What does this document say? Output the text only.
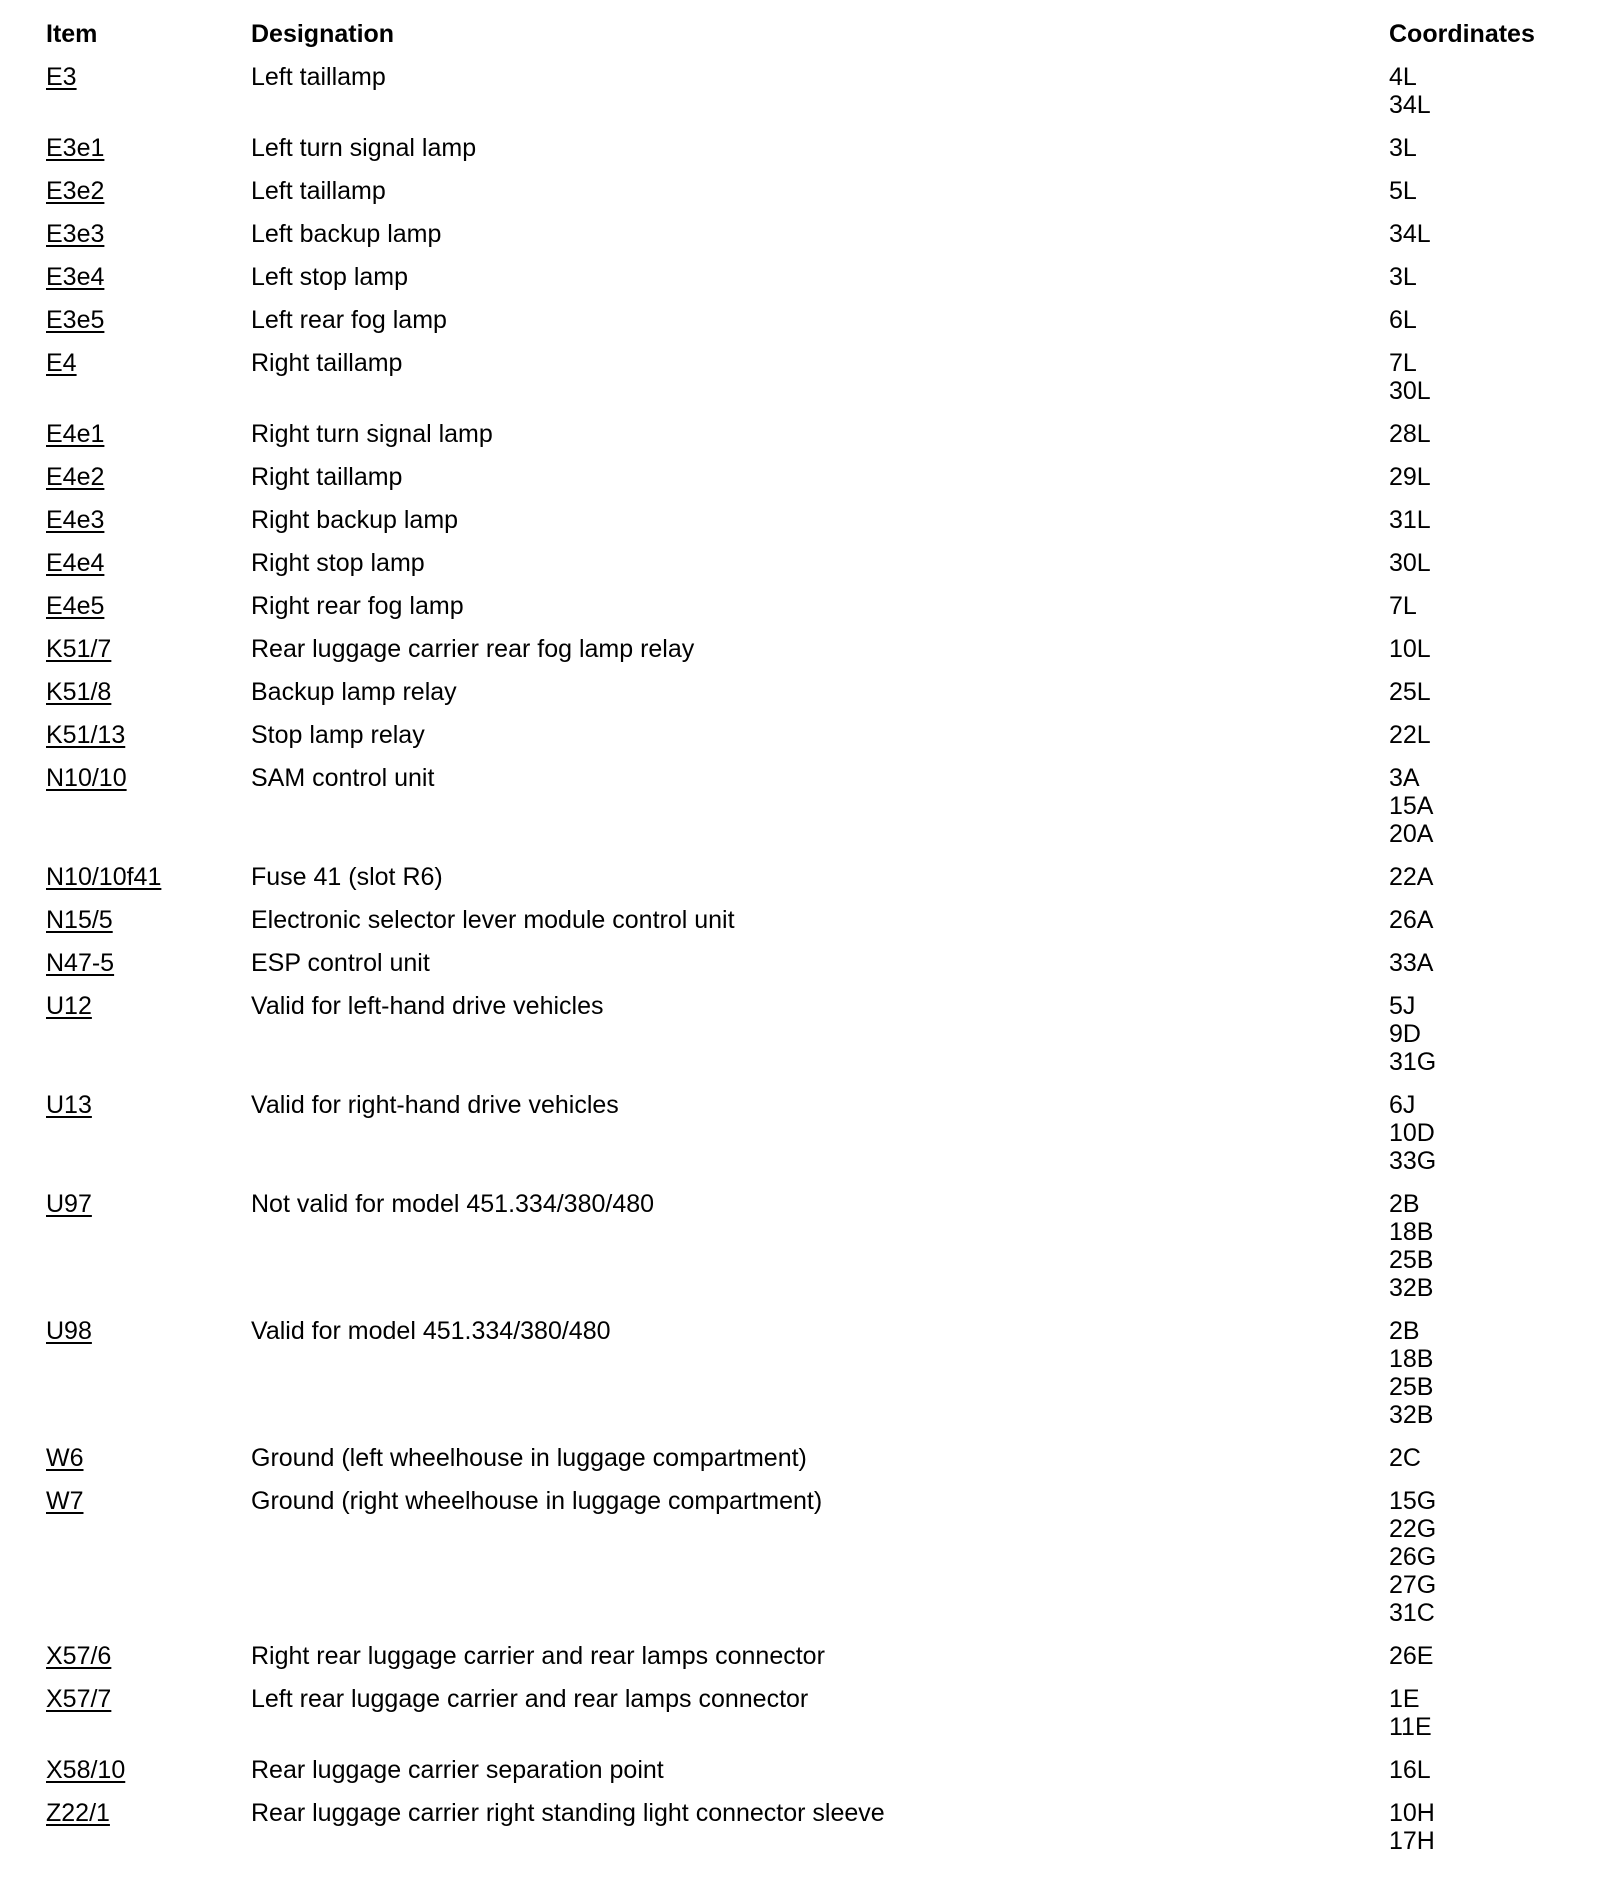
Item	Designation	Coordinates
E3	Left taillamp	4L
34L
E3e1	Left turn signal lamp	3L
E3e2	Left taillamp	5L
E3e3	Left backup lamp	34L
E3e4	Left stop lamp	3L
E3e5	Left rear fog lamp	6L
E4	Right taillamp	7L
30L
E4e1	Right turn signal lamp	28L
E4e2	Right taillamp	29L
E4e3	Right backup lamp	31L
E4e4	Right stop lamp	30L
E4e5	Right rear fog lamp	7L
K51/7	Rear luggage carrier rear fog lamp relay	10L
K51/8	Backup lamp relay	25L
K51/13	Stop lamp relay	22L
N10/10	SAM control unit	3A
15A
20A
N10/10f41	Fuse 41 (slot R6)	22A
N15/5	Electronic selector lever module control unit	26A
N47-5	ESP control unit	33A
U12	Valid for left-hand drive vehicles	5J
9D
31G
U13	Valid for right-hand drive vehicles	6J
10D
33G
U97	Not valid for model 451.334/380/480	2B
18B
25B
32B
U98	Valid for model 451.334/380/480	2B
18B
25B
32B
W6	Ground (left wheelhouse in luggage compartment)	2C
W7	Ground (right wheelhouse in luggage compartment)	15G
22G
26G
27G
31C
X57/6	Right rear luggage carrier and rear lamps connector	26E
X57/7	Left rear luggage carrier and rear lamps connector	1E
11E
X58/10	Rear luggage carrier separation point	16L
Z22/1	Rear luggage carrier right standing light connector sleeve	10H
17H
